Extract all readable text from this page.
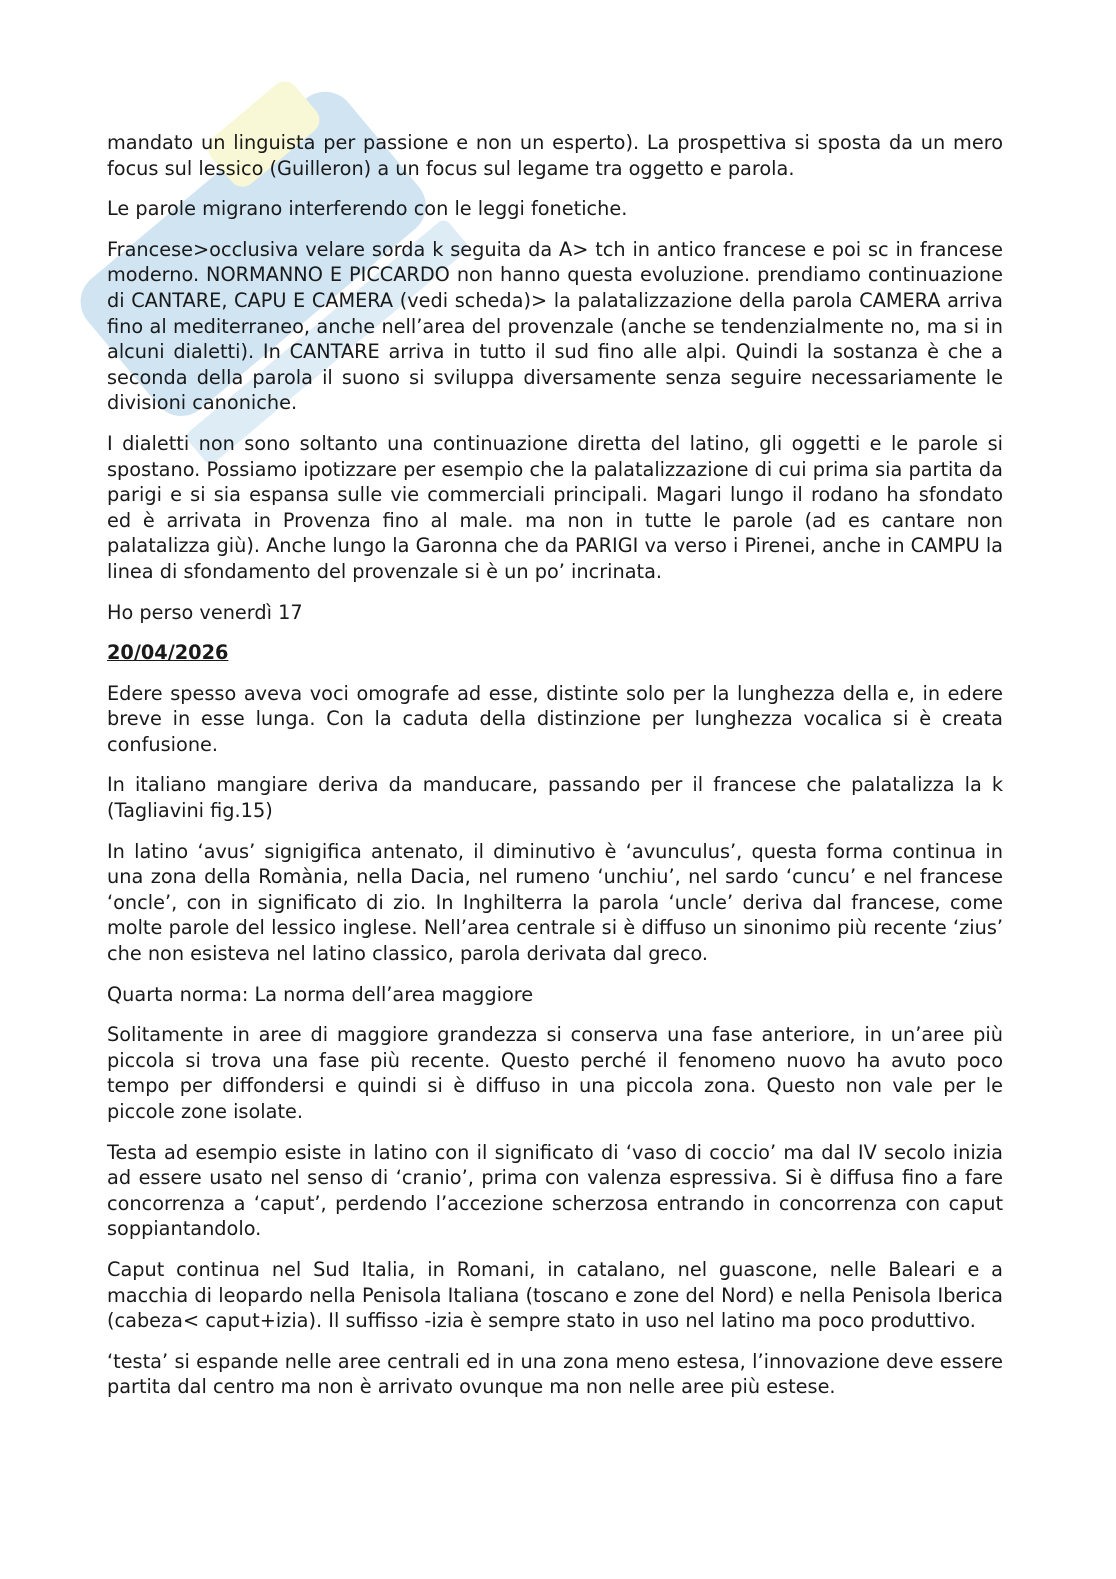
mandato un linguista per passione e non un esperto). La prospettiva si sposta da un mero focus sul lessico (Guilleron) a un focus sul legame tra oggetto e parola.

Le parole migrano interferendo con le leggi fonetiche.

Francese>occlusiva velare sorda k seguita da A> tch in antico francese e poi sc in francese moderno. NORMANNO E PICCARDO non hanno questa evoluzione. prendiamo continuazione di CANTARE, CAPU E CAMERA (vedi scheda)> la palatalizzazione della parola CAMERA arriva fino al mediterraneo, anche nell’area del provenzale (anche se tendenzialmente no, ma si in alcuni dialetti). In CANTARE arriva in tutto il sud fino alle alpi. Quindi la sostanza è che a seconda della parola il suono si sviluppa diversamente senza seguire necessariamente le divisioni canoniche.

I dialetti non sono soltanto una continuazione diretta del latino, gli oggetti e le parole si spostano. Possiamo ipotizzare per esempio che la palatalizzazione di cui prima sia partita da parigi e si sia espansa sulle vie commerciali principali. Magari lungo il rodano ha sfondato ed è arrivata in Provenza fino al male. ma non in tutte le parole (ad es cantare non palatalizza giù). Anche lungo la Garonna che da PARIGI va verso i Pirenei, anche in CAMPU la linea di sfondamento del provenzale si è un po’ incrinata.

Ho perso venerdì 17

20/04/2026

Edere spesso aveva voci omografe ad esse, distinte solo per la lunghezza della e, in edere breve in esse lunga. Con la caduta della distinzione per lunghezza vocalica si è creata confusione.

In italiano mangiare deriva da manducare, passando per il francese che palatalizza la k (Tagliavini fig.15)

In latino ‘avus’ signigifica antenato, il diminutivo è ‘avunculus’, questa forma continua in una zona della Romània, nella Dacia, nel rumeno ‘unchiu’, nel sardo ‘cuncu’ e nel francese ‘oncle’, con in significato di zio. In Inghilterra la parola ‘uncle’ deriva dal francese, come molte parole del lessico inglese. Nell’area centrale si è diffuso un sinonimo più recente ‘zius’ che non esisteva nel latino classico, parola derivata dal greco.

Quarta norma: La norma dell’area maggiore

Solitamente in aree di maggiore grandezza si conserva una fase anteriore, in un’aree più piccola si trova una fase più recente. Questo perché il fenomeno nuovo ha avuto poco tempo per diffondersi e quindi si è diffuso in una piccola zona. Questo non vale per le piccole zone isolate.

Testa ad esempio esiste in latino con il significato di ‘vaso di coccio’ ma dal IV secolo inizia ad essere usato nel senso di ‘cranio’, prima con valenza espressiva. Si è diffusa fino a fare concorrenza a ‘caput’, perdendo l’accezione scherzosa entrando in concorrenza con caput soppiantandolo.

Caput continua nel Sud Italia, in Romani, in catalano, nel guascone, nelle Baleari e a macchia di leopardo nella Penisola Italiana (toscano e zone del Nord) e nella Penisola Iberica (cabeza< caput+izia). Il suffisso -izia è sempre stato in uso nel latino ma poco produttivo.

‘testa’ si espande nelle aree centrali ed in una zona meno estesa, l’innovazione deve essere partita dal centro ma non è arrivato ovunque ma non nelle aree più estese.
